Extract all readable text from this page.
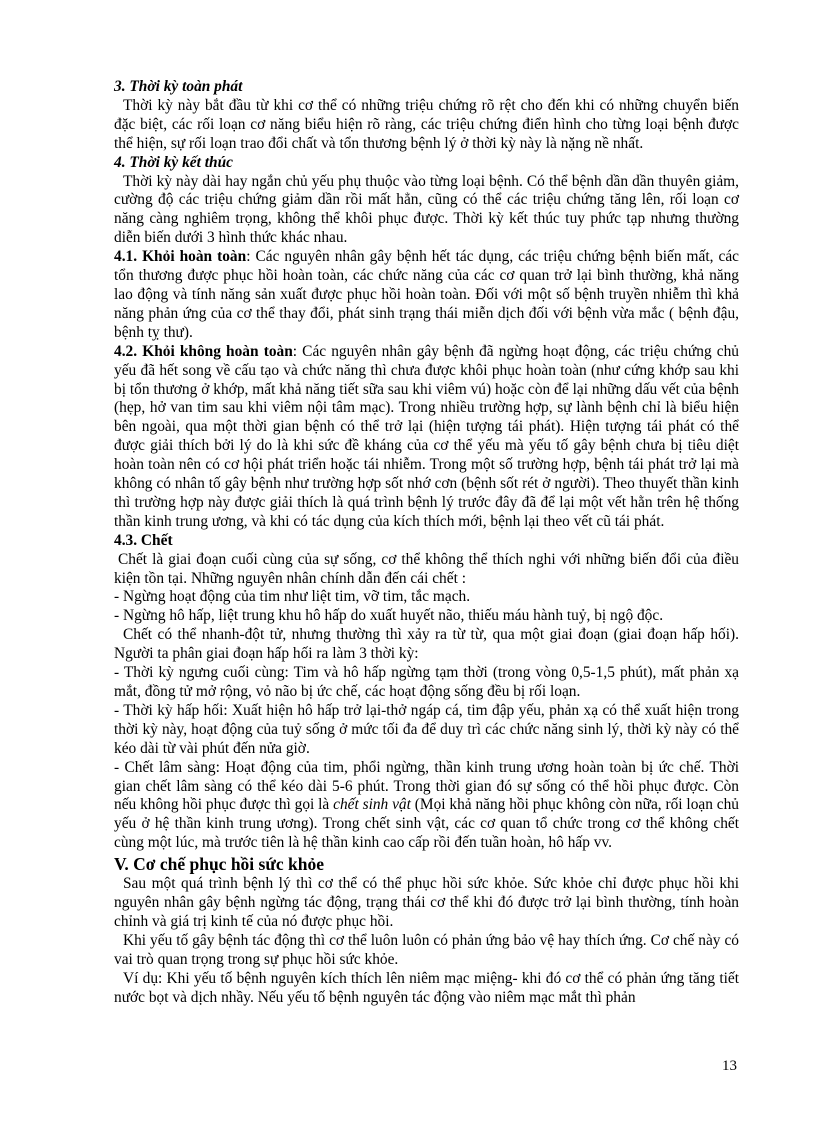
3. Thời kỳ toàn phát

Thời kỳ này bắt đầu từ khi cơ thể có những triệu chứng rõ rệt cho đến khi có những chuyển biến đặc biệt, các rối loạn cơ năng biểu hiện rõ ràng, các triệu chứng điển hình cho từng loại bệnh được thể hiện, sự rối loạn trao đổi chất và tổn thương bệnh lý ở thời kỳ này là nặng nề nhất.

4. Thời kỳ kết thúc

Thời kỳ này dài hay ngắn chủ yếu phụ thuộc vào từng loại bệnh. Có thể bệnh dần dần thuyên giảm, cường độ các triệu chứng giảm dần rồi mất hẳn, cũng có thể các triệu chứng tăng lên, rối loạn cơ năng càng nghiêm trọng, không thể khôi phục được. Thời kỳ kết thúc tuy phức tạp nhưng thường diễn biến dưới 3 hình thức khác nhau.

4.1. Khỏi hoàn toàn: Các nguyên nhân gây bệnh hết tác dụng, các triệu chứng bệnh biến mất, các tổn thương được phục hồi hoàn toàn, các chức năng của các cơ quan trở lại bình thường, khả năng lao động và tính năng sản xuất được phục hồi hoàn toàn. Đối với một số bệnh truyền nhiễm thì khả năng phản ứng của cơ thể thay đổi, phát sinh trạng thái miễn dịch đối với bệnh vừa mắc ( bệnh đậu, bệnh tỵ thư).

4.2. Khỏi không hoàn toàn: Các nguyên nhân gây bệnh đã ngừng hoạt động, các triệu chứng chủ yếu đã hết song về cấu tạo và chức năng thì chưa được khôi phục hoàn toàn (như cứng khớp sau khi bị tổn thương ở khớp, mất khả năng tiết sữa sau khi viêm vú) hoặc còn để lại những dấu vết của bệnh (hẹp, hở van tim sau khi viêm nội tâm mạc). Trong nhiều trường hợp, sự lành bệnh chỉ là biểu hiện bên ngoài, qua một thời gian bệnh có thể trở lại (hiện tượng tái phát). Hiện tượng tái phát có thể được giải thích bởi lý do là khi sức đề kháng của cơ thể yếu mà yếu tố gây bệnh chưa bị tiêu diệt hoàn toàn nên có cơ hội phát triển hoặc tái nhiễm. Trong một số trường hợp, bệnh tái phát trở lại mà không có nhân tố gây bệnh như trường hợp sốt nhớ cơn (bệnh sốt rét ở người). Theo thuyết thần kinh thì trường hợp này được giải thích là quá trình bệnh lý trước đây đã để lại một vết hằn trên hệ thống thần kinh trung ương, và khi có tác dụng của kích thích mới, bệnh lại theo vết cũ tái phát.

4.3. Chết

Chết là giai đoạn cuối cùng của sự sống, cơ thể không thể thích nghi với những biến đổi của điều kiện tồn tại. Những nguyên nhân chính dẫn đến cái chết :

- Ngừng hoạt động của tim như liệt tim, vỡ tim, tắc mạch.

- Ngừng hô hấp, liệt trung khu hô hấp do xuất huyết não, thiếu máu hành tuỷ, bị ngộ độc.

Chết có thể nhanh-đột tử, nhưng thường thì xảy ra từ từ, qua một giai đoạn (giai đoạn hấp hối). Người ta phân giai đoạn hấp hối ra làm 3 thời kỳ:

- Thời kỳ ngưng cuối cùng: Tim và hô hấp ngừng tạm thời (trong vòng 0,5-1,5 phút), mất phản xạ mắt, đồng tử mở rộng, vỏ não bị ức chế, các hoạt động sống đều bị rối loạn.

- Thời kỳ hấp hối: Xuất hiện hô hấp trở lại-thở ngáp cá, tim đập yếu, phản xạ có thể xuất hiện trong thời kỳ này, hoạt động của tuỷ sống ở mức tối đa để duy trì các chức năng sinh lý, thời kỳ này có thể kéo dài từ vài phút đến nửa giờ.

- Chết lâm sàng: Hoạt động của tim, phổi ngừng, thần kinh trung ương hoàn toàn bị ức chế. Thời gian chết lâm sàng có thể kéo dài 5-6 phút. Trong thời gian đó sự sống có thể hồi phục được. Còn nếu không hồi phục được thì gọi là chết sinh vật (Mọi khả năng hồi phục không còn nữa, rối loạn chủ yếu ở hệ thần kinh trung ương). Trong chết sinh vật, các cơ quan tổ chức trong cơ thể không chết cùng một lúc, mà trước tiên là hệ thần kinh cao cấp rồi đến tuần hoàn, hô hấp vv.

V. Cơ chế phục hồi sức khỏe

Sau một quá trình bệnh lý thì cơ thể có thể phục hồi sức khỏe. Sức khỏe chỉ được phục hồi khi nguyên nhân gây bệnh ngừng tác động, trạng thái cơ thể khi đó được trở lại bình thường, tính hoàn chỉnh và giá trị kinh tế của nó được phục hồi.

Khi yếu tố gây bệnh tác động thì cơ thể luôn luôn có phản ứng bảo vệ hay thích ứng. Cơ chế này có vai trò quan trọng trong sự phục hồi sức khỏe.

Ví dụ: Khi yếu tố bệnh nguyên kích thích lên niêm mạc miệng- khi đó cơ thể có phản ứng tăng tiết nước bọt và dịch nhầy. Nếu yếu tố bệnh nguyên tác động vào niêm mạc mắt thì phản

13
